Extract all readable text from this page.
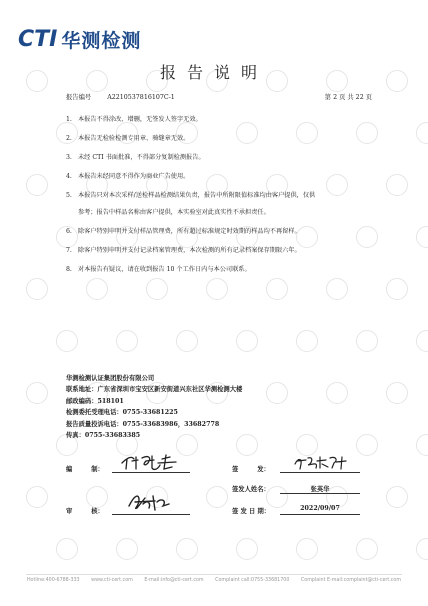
CTI 华测检测
报告说明
报告编号	A2210537816107C-1	第 2 页 共 22 页
1. 本报告不得涂改、增删，无签发人签字无效。
2. 本报告无检验检测专用章、骑缝章无效。
3. 未经 CTI 书面批准，不得部分复制检测报告。
4. 本报告未经同意不得作为商业广告使用。
5. 本报告只对本次采样/送检样品检测结果负责，报告中所附限值标准均由客户提供，仅供
参考；报告中样品名称由客户提供，本实验室对此真实性不承担责任。
6. 除客户特别申明并支付样品管理费，所有超过标准规定时效期的样品均不再留样。
7. 除客户特别申明并支付记录档案管理费，本次检测的所有记录档案保存期限六年。
8. 对本报告有疑议，请在收到报告 10 个工作日内与本公司联系。
华测检测认证集团股份有限公司
联系地址：广东省深圳市宝安区新安街道兴东社区华测检测大楼
邮政编码：518101
检测委托受理电话：0755-33681225
报告质量投诉电话：0755-33683986，33682778
传真：0755-33683385
编　　　制：	签　　　发：
签发人姓名：	张英华
审　　　核：	签 发 日 期：	2022/09/07
Hotline:400-6788-333 www.cti-cert.com E-mail:info@cti-cert.com Complaint call:0755-33681700 Complaint E-mail:complaint@cti-cert.com
